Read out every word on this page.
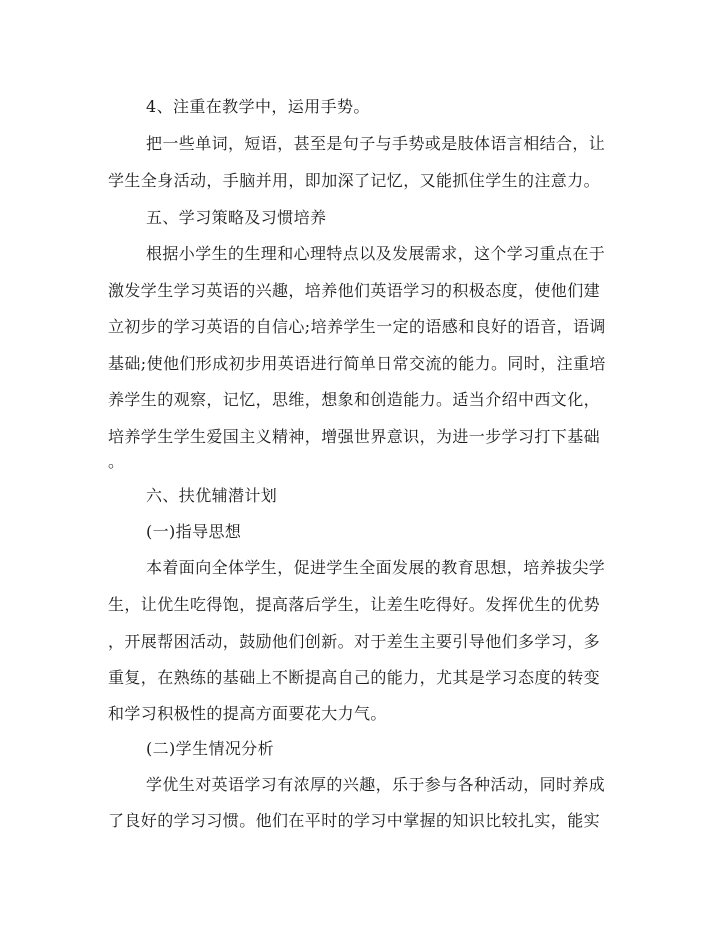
4、注重在教学中，运用手势。

把一些单词，短语，甚至是句子与手势或是肢体语言相结合，让

学生全身活动，手脑并用，即加深了记忆，又能抓住学生的注意力。

五、学习策略及习惯培养

根据小学生的生理和心理特点以及发展需求，这个学习重点在于

激发学生学习英语的兴趣，培养他们英语学习的积极态度，使他们建

立初步的学习英语的自信心;培养学生一定的语感和良好的语音，语调

基础;使他们形成初步用英语进行简单日常交流的能力。同时，注重培

养学生的观察，记忆，思维，想象和创造能力。适当介绍中西文化，

培养学生学生爱国主义精神，增强世界意识，为进一步学习打下基础

。

六、扶优辅潜计划

(一)指导思想

本着面向全体学生，促进学生全面发展的教育思想，培养拔尖学

生，让优生吃得饱，提高落后学生，让差生吃得好。发挥优生的优势

，开展帮困活动，鼓励他们创新。对于差生主要引导他们多学习，多

重复，在熟练的基础上不断提高自己的能力，尤其是学习态度的转变

和学习积极性的提高方面要花大力气。

(二)学生情况分析

学优生对英语学习有浓厚的兴趣，乐于参与各种活动，同时养成

了良好的学习习惯。他们在平时的学习中掌握的知识比较扎实，能实
